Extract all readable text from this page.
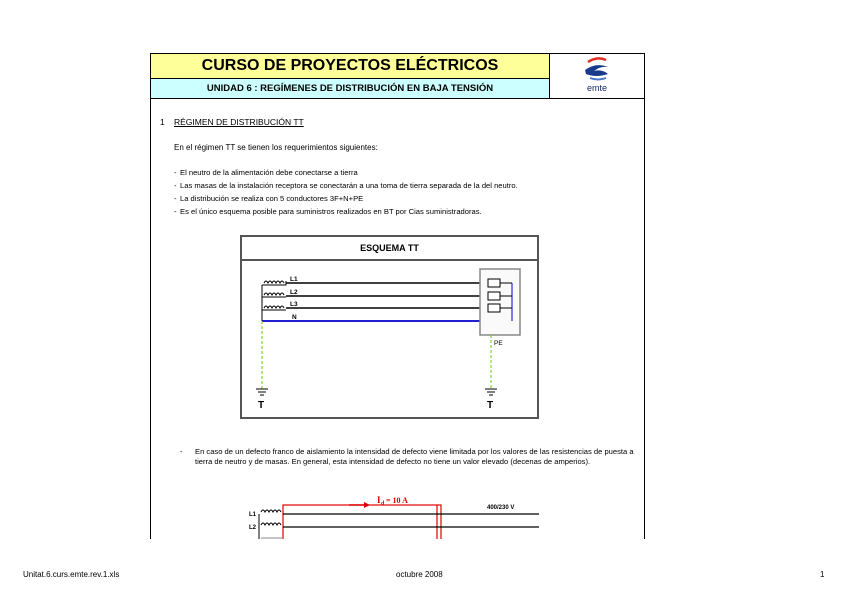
CURSO DE PROYECTOS ELÉCTRICOS
UNIDAD 6 : REGÍMENES DE DISTRIBUCIÓN EN BAJA TENSIÓN	emte
1 RÉGIMEN DE DISTRIBUCIÓN TT
En el régimen TT se tienen los requerimientos siguientes:
- El neutro de la alimentación debe conectarse a tierra
- Las masas de la instalación receptora se conectarán a una toma de tierra separada de la del neutro.
- La distribución se realiza con 5 conductores 3F+N+PE
- Es el único esquema posible para suministros realizados en BT por Cias suministradoras.
ESQUEMA TT
L1
L2
L3
N
PE
T	T
- En caso de un defecto franco de aislamiento la intensidad de defecto viene limitada por los valores de las resistencias de puesta a tierra de neutro y de masas. En general, esta intensidad de defecto no tiene un valor elevado (decenas de amperios).
L1
L2
I d = 10 A
400/230 V
Unitat.6.curs.emte.rev.1.xls	octubre 2008	1
